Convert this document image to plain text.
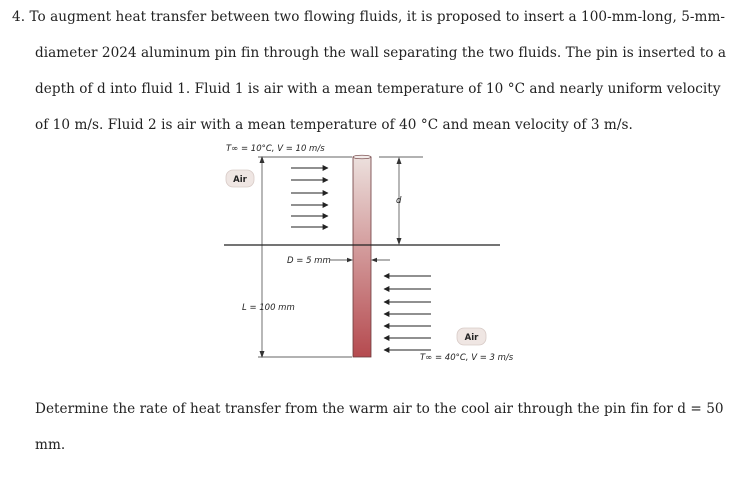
4. To augment heat transfer between two flowing fluids, it is proposed to insert a 100-mm-long, 5-mm-
diameter 2024 aluminum pin fin through the wall separating the two fluids. The pin is inserted to a
depth of d into fluid 1. Fluid 1 is air with a mean temperature of 10 °C and nearly uniform velocity
of 10 m/s. Fluid 2 is air with a mean temperature of 40 °C and mean velocity of 3 m/s.
T∞ = 10°C, V = 10 m/s
Air
d
D = 5 mm
L = 100 mm
Air
T∞ = 40°C, V = 3 m/s
Determine the rate of heat transfer from the warm air to the cool air through the pin fin for d = 50
mm.
